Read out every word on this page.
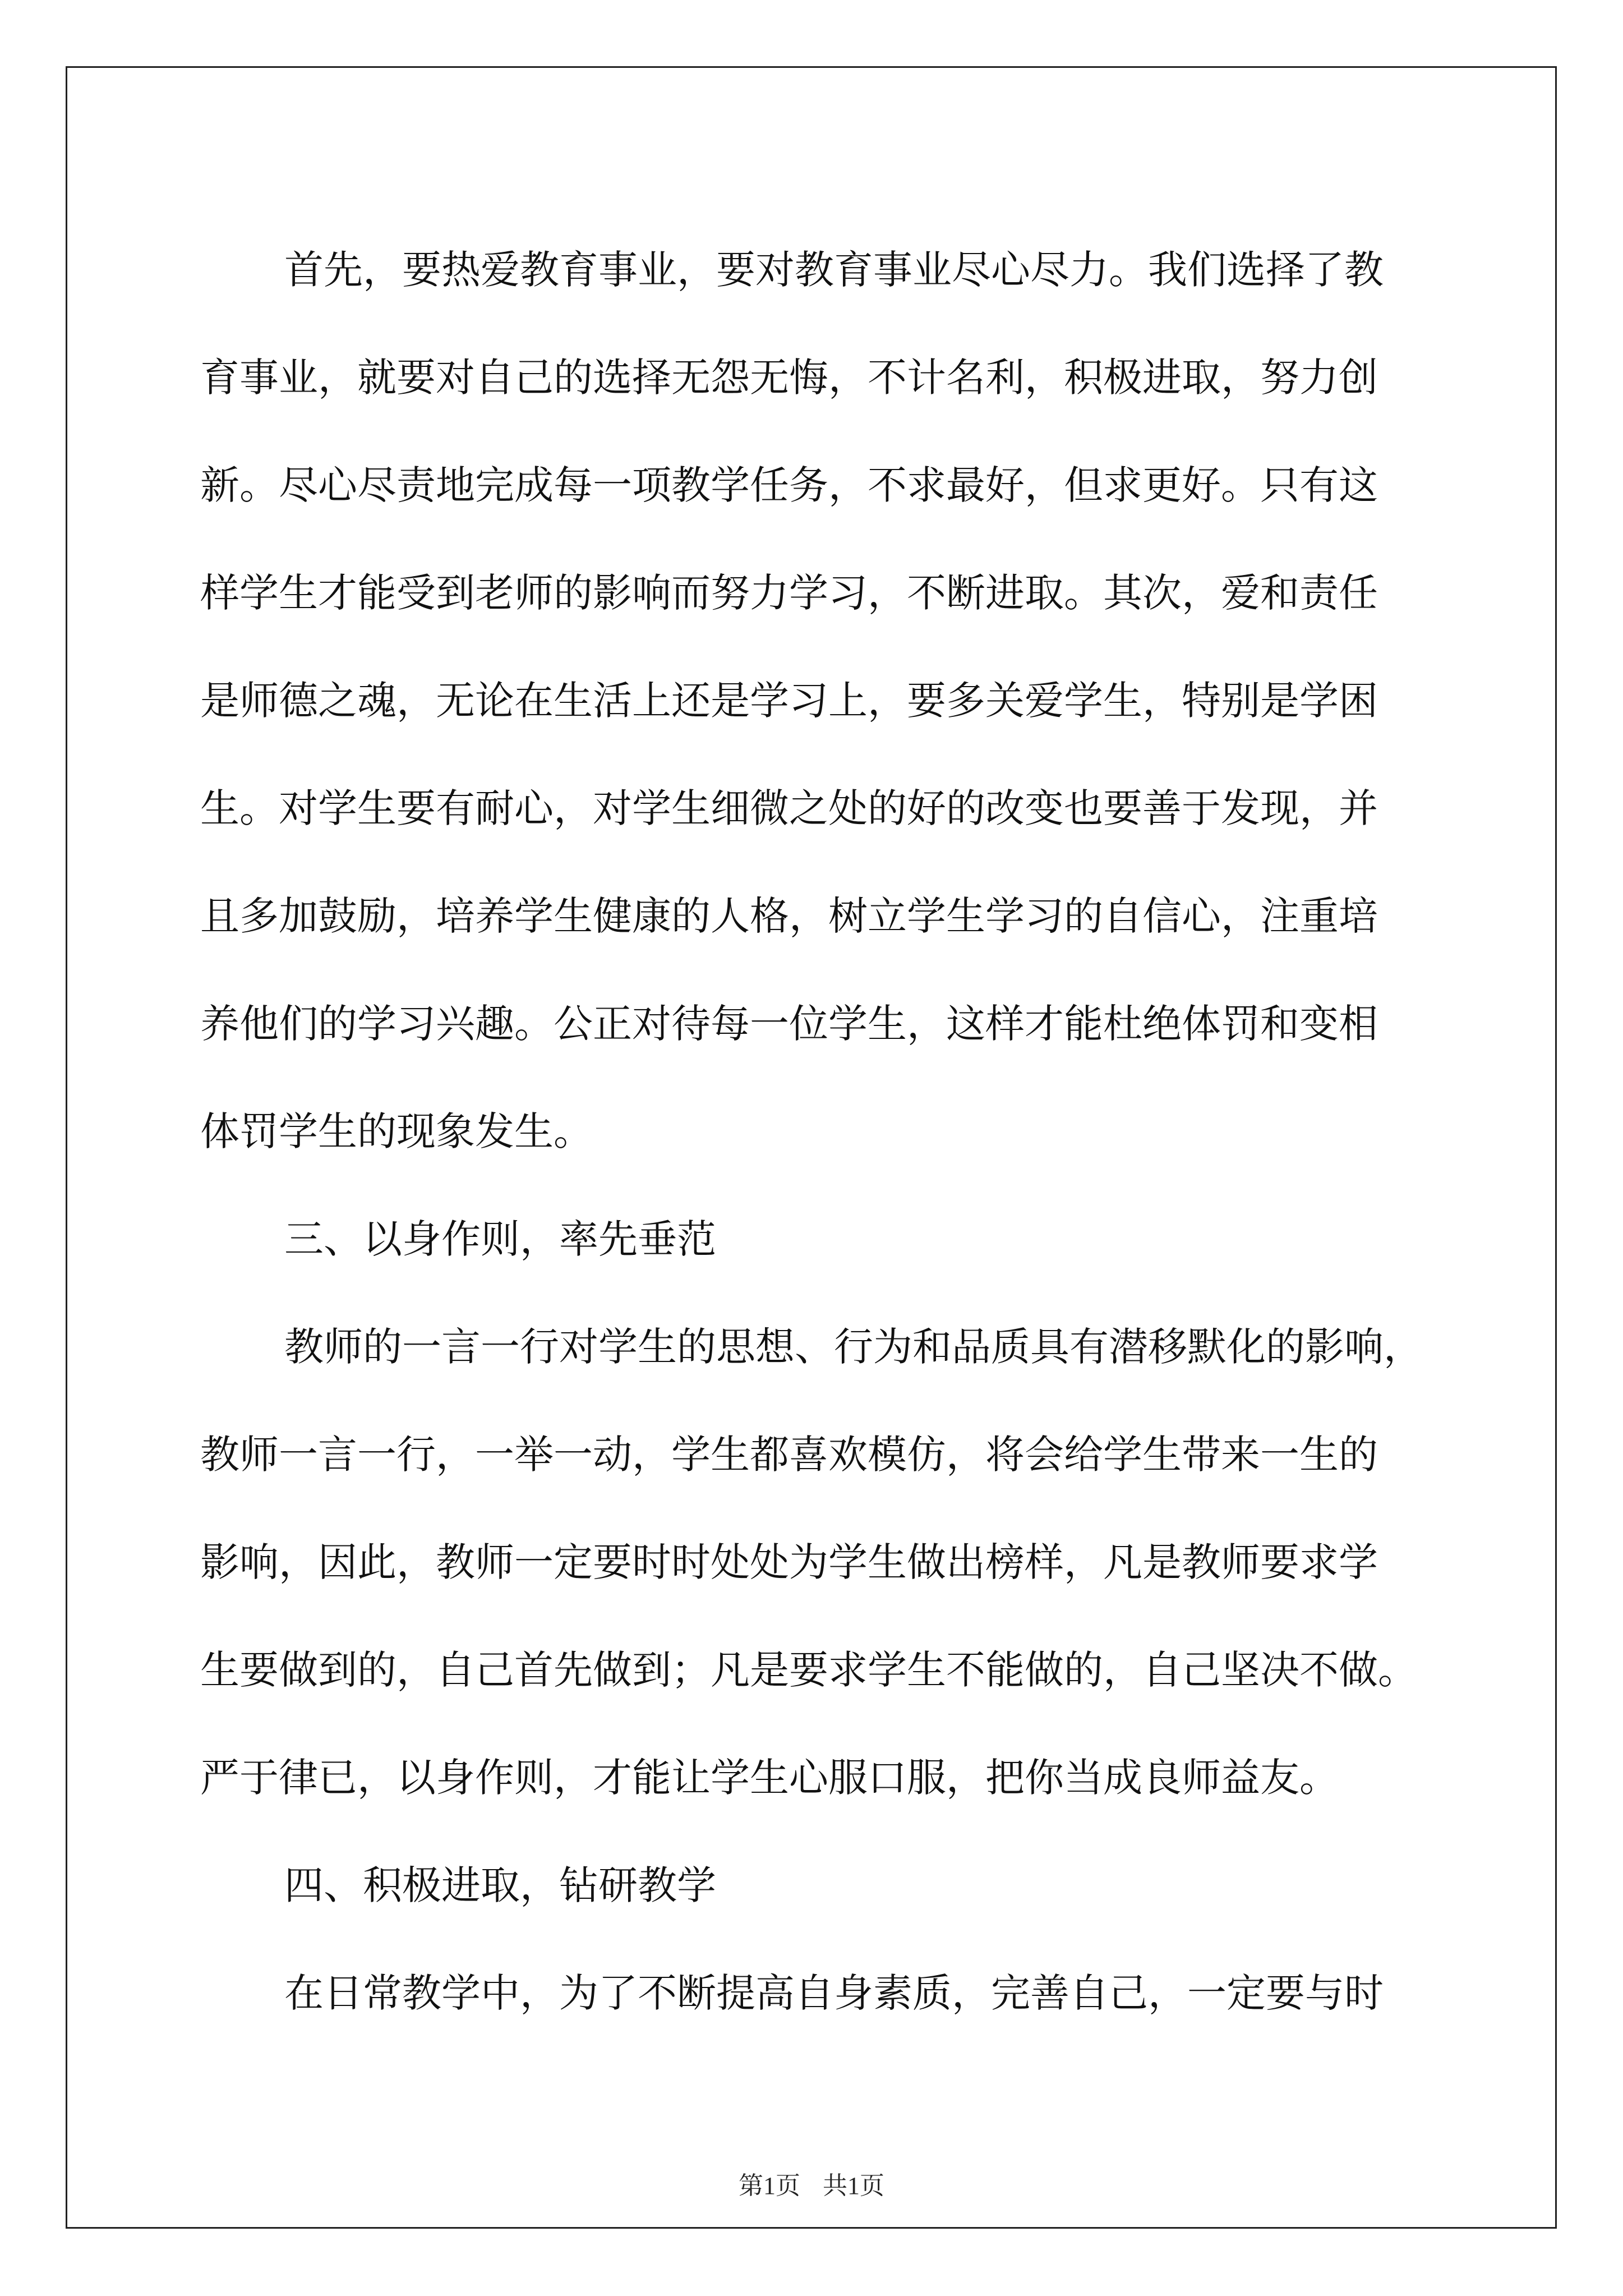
首先，要热爱教育事业，要对教育事业尽心尽力。我们选择了教
育事业，就要对自己的选择无怨无悔，不计名利，积极进取，努力创
新。尽心尽责地完成每一项教学任务，不求最好，但求更好。只有这
样学生才能受到老师的影响而努力学习，不断进取。其次，爱和责任
是师德之魂，无论在生活上还是学习上，要多关爱学生，特别是学困
生。对学生要有耐心，对学生细微之处的好的改变也要善于发现，并
且多加鼓励，培养学生健康的人格，树立学生学习的自信心，注重培
养他们的学习兴趣。公正对待每一位学生，这样才能杜绝体罚和变相
体罚学生的现象发生。
三、以身作则，率先垂范
教师的一言一行对学生的思想、行为和品质具有潜移默化的影响，
教师一言一行，一举一动，学生都喜欢模仿，将会给学生带来一生的
影响，因此，教师一定要时时处处为学生做出榜样，凡是教师要求学
生要做到的，自己首先做到；凡是要求学生不能做的，自己坚决不做。
严于律已，以身作则，才能让学生心服口服，把你当成良师益友。
四、积极进取，钻研教学
在日常教学中，为了不断提高自身素质，完善自己，一定要与时
第1页 共1页
